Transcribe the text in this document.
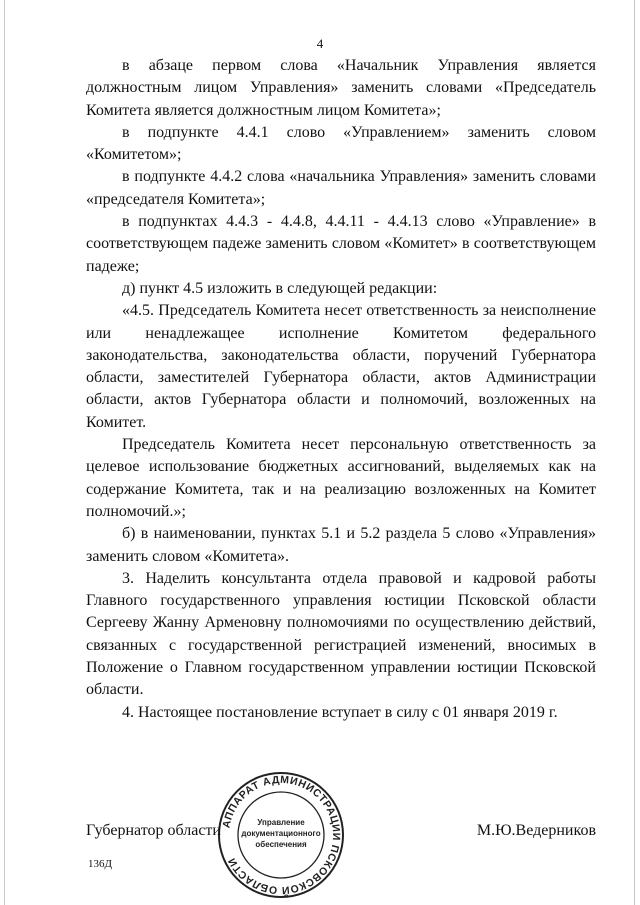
4

в абзаце первом слова «Начальник Управления является должностным лицом Управления» заменить словами «Председатель Комитета является должностным лицом Комитета»;

в подпункте 4.4.1 слово «Управлением» заменить словом «Комитетом»;

в подпункте 4.4.2 слова «начальника Управления» заменить словами «председателя Комитета»;

в подпунктах 4.4.3 - 4.4.8, 4.4.11 - 4.4.13 слово «Управление» в соответствующем падеже заменить словом «Комитет» в соответствующем падеже;

д) пункт 4.5 изложить в следующей редакции:

«4.5. Председатель Комитета несет ответственность за неисполнение или ненадлежащее исполнение Комитетом федерального законодательства, законодательства области, поручений Губернатора области, заместителей Губернатора области, актов Администрации области, актов Губернатора области и полномочий, возложенных на Комитет.

Председатель Комитета несет персональную ответственность за целевое использование бюджетных ассигнований, выделяемых как на содержание Комитета, так и на реализацию возложенных на Комитет полномочий.»;

б) в наименовании, пунктах 5.1 и 5.2 раздела 5 слово «Управления» заменить словом «Комитета».

3. Наделить консультанта отдела правовой и кадровой работы Главного государственного управления юстиции Псковской области Сергееву Жанну Арменовну полномочиями по осуществлению действий, связанных с государственной регистрацией изменений, вносимых в Положение о Главном государственном управлении юстиции Псковской области.

4. Настоящее постановление вступает в силу с 01 января 2019 г.

АППАРАТ АДМИНИСТРАЦИИ ПСКОВСКОЙ ОБЛАСТИ
Управление
документационного
обеспечения
Губернатор области	М.Ю.Ведерников
136Д
